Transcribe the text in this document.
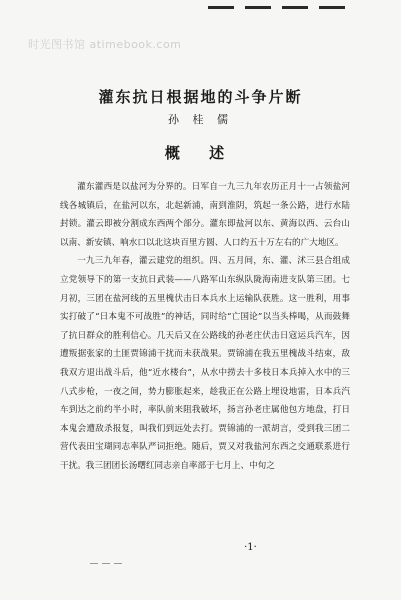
时光图书馆 atimebook.com
灌东抗日根据地的斗争片断
孙 桂 儒
概 述

灌东灌西是以盐河为分界的。日军自一九三九年农历正月十一占领盐河线各城镇后，在盐河以东，北起新浦，南到淮阴，筑起一条公路，进行水陆封锁。灌云即被分割成东西两个部分。灌东即盐河以东、黄海以西、云台山以南、新安镇、响水口以北这块百里方圆、人口约五十万左右的广大地区。

一九三九年春，灌云建党的组织。四、五月间，东、灌、沭三县合组成立党领导下的第一支抗日武装——八路军山东纵队陇海南进支队第三团。七月初，三团在盐河线的五里槐伏击日本兵水上运输队获胜。这一胜利，用事实打破了“日本鬼不可战胜”的神话，同时给“亡国论”以当头棒喝，从而鼓舞了抗日群众的胜利信心。几天后又在公路线的孙老庄伏击日寇运兵汽车，因遭叛据张家的土匪贾锦浦干扰而未获战果。贾锦浦在我五里槐战斗结束，敌我双方退出战斗后，他“近水楼台”，从水中捞去十多枝日本兵掉入水中的三八式步枪，一夜之间，势力膨胀起来，趁我正在公路上埋设地雷，日本兵汽车到达之前约半小时，率队前来阻我破坏，扬言孙老庄属他包方地盘，打日本鬼会遭敌杀报复，叫我们到远处去打。贾锦浦的一派胡言，受到我三团二营代表田宝瑚同志率队严词拒绝。随后，贾又对我盐河东西之交通联系进行干扰。我三团团长汤曙红同志亲自率部于七月上、中旬之

·1·
